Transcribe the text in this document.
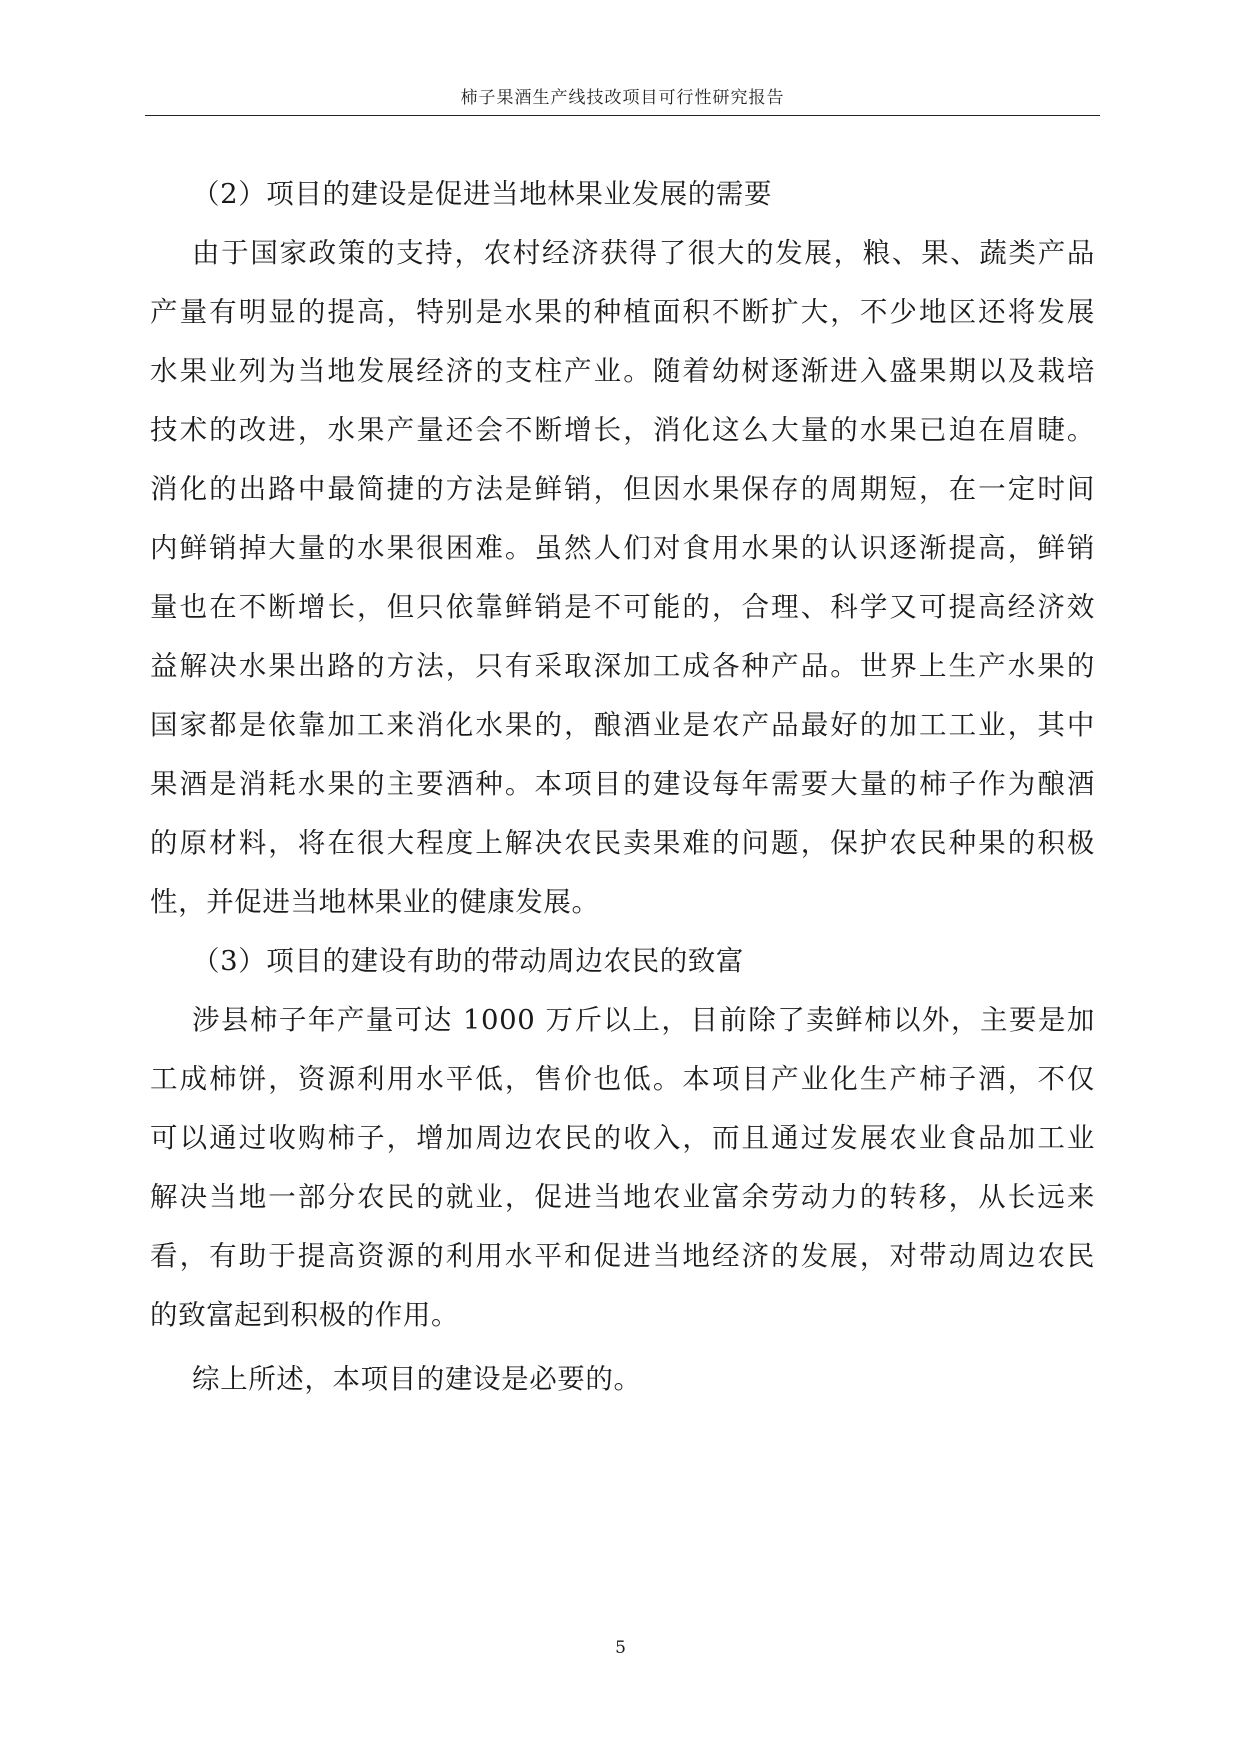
柿子果酒生产线技改项目可行性研究报告
（2）项目的建设是促进当地林果业发展的需要
由于国家政策的支持，农村经济获得了很大的发展，粮、果、蔬类产品
产量有明显的提高，特别是水果的种植面积不断扩大，不少地区还将发展
水果业列为当地发展经济的支柱产业。随着幼树逐渐进入盛果期以及栽培
技术的改进，水果产量还会不断增长，消化这么大量的水果已迫在眉睫。
消化的出路中最简捷的方法是鲜销，但因水果保存的周期短，在一定时间
内鲜销掉大量的水果很困难。虽然人们对食用水果的认识逐渐提高，鲜销
量也在不断增长，但只依靠鲜销是不可能的，合理、科学又可提高经济效
益解决水果出路的方法，只有采取深加工成各种产品。世界上生产水果的
国家都是依靠加工来消化水果的，酿酒业是农产品最好的加工工业，其中
果酒是消耗水果的主要酒种。本项目的建设每年需要大量的柿子作为酿酒
的原材料，将在很大程度上解决农民卖果难的问题，保护农民种果的积极
性，并促进当地林果业的健康发展。
（3）项目的建设有助的带动周边农民的致富
涉县柿子年产量可达 1000 万斤以上，目前除了卖鲜柿以外，主要是加
工成柿饼，资源利用水平低，售价也低。本项目产业化生产柿子酒，不仅
可以通过收购柿子，增加周边农民的收入，而且通过发展农业食品加工业
解决当地一部分农民的就业，促进当地农业富余劳动力的转移，从长远来
看，有助于提高资源的利用水平和促进当地经济的发展，对带动周边农民
的致富起到积极的作用。
综上所述，本项目的建设是必要的。
5
